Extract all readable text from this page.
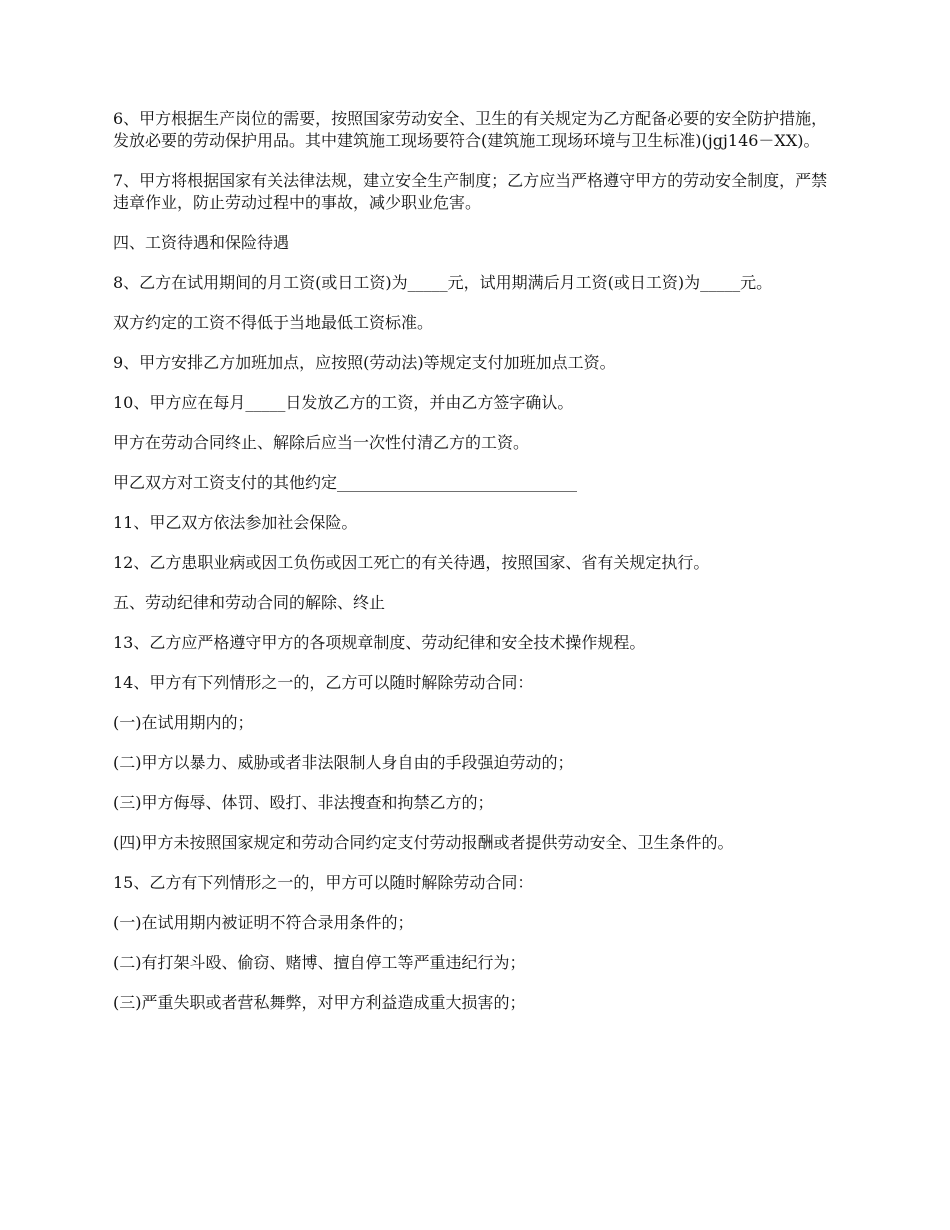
6、甲方根据生产岗位的需要，按照国家劳动安全、卫生的有关规定为乙方配备必要的安全防护措施，发放必要的劳动保护用品。其中建筑施工现场要符合(建筑施工现场环境与卫生标准)(jgj146－XX)。

7、甲方将根据国家有关法律法规，建立安全生产制度；乙方应当严格遵守甲方的劳动安全制度，严禁违章作业，防止劳动过程中的事故，减少职业危害。

四、工资待遇和保险待遇

8、乙方在试用期间的月工资(或日工资)为_____元，试用期满后月工资(或日工资)为_____元。

双方约定的工资不得低于当地最低工资标准。

9、甲方安排乙方加班加点，应按照(劳动法)等规定支付加班加点工资。

10、甲方应在每月_____日发放乙方的工资，并由乙方签字确认。

甲方在劳动合同终止、解除后应当一次性付清乙方的工资。

甲乙双方对工资支付的其他约定______________________________

11、甲乙双方依法参加社会保险。

12、乙方患职业病或因工负伤或因工死亡的有关待遇，按照国家、省有关规定执行。

五、劳动纪律和劳动合同的解除、终止

13、乙方应严格遵守甲方的各项规章制度、劳动纪律和安全技术操作规程。

14、甲方有下列情形之一的，乙方可以随时解除劳动合同：

(一)在试用期内的；

(二)甲方以暴力、威胁或者非法限制人身自由的手段强迫劳动的；

(三)甲方侮辱、体罚、殴打、非法搜查和拘禁乙方的；

(四)甲方未按照国家规定和劳动合同约定支付劳动报酬或者提供劳动安全、卫生条件的。

15、乙方有下列情形之一的，甲方可以随时解除劳动合同：

(一)在试用期内被证明不符合录用条件的；

(二)有打架斗殴、偷窃、赌博、擅自停工等严重违纪行为；

(三)严重失职或者营私舞弊，对甲方利益造成重大损害的；
